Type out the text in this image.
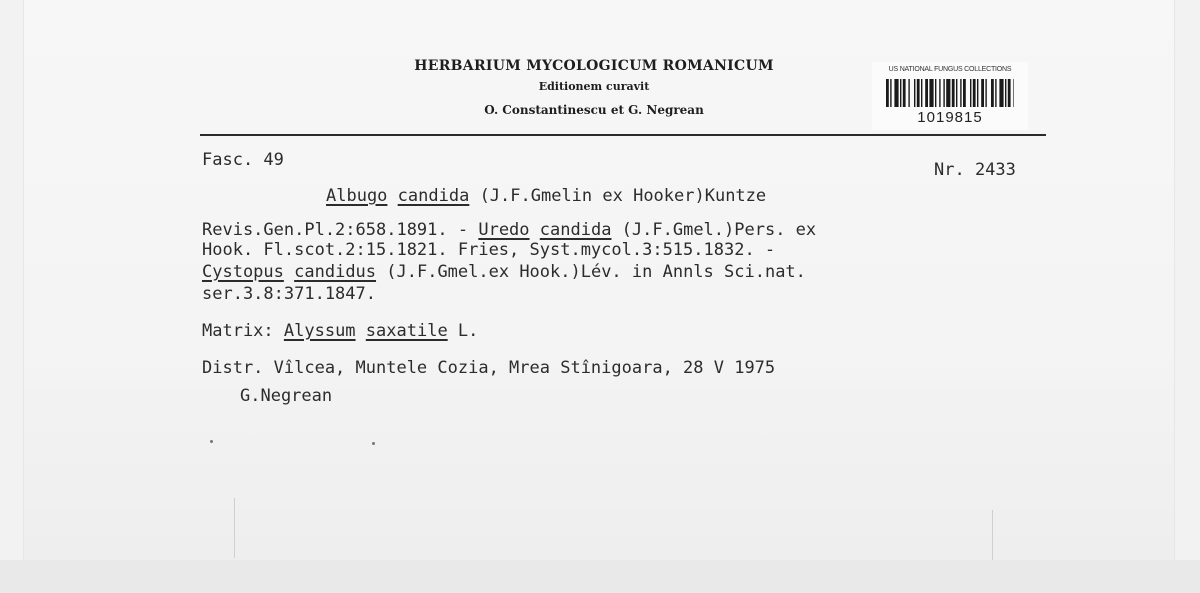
HERBARIUM MYCOLOGICUM ROMANICUM
Editionem curavit
O. Constantinescu et G. Negrean
US NATIONAL FUNGUS COLLECTIONS
1019815
Fasc. 49	Nr. 2433
Albugo candida (J.F.Gmelin ex Hooker)Kuntze
Revis.Gen.Pl.2:658.1891. - Uredo candida (J.F.Gmel.)Pers. ex
Hook. Fl.scot.2:15.1821. Fries, Syst.mycol.3:515.1832. -
Cystopus candidus (J.F.Gmel.ex Hook.)Lév. in Annls Sci.nat.
ser.3.8:371.1847.
Matrix: Alyssum saxatile L.
Distr. Vîlcea, Muntele Cozia, Mrea Stînigoara, 28 V 1975
G.Negrean
